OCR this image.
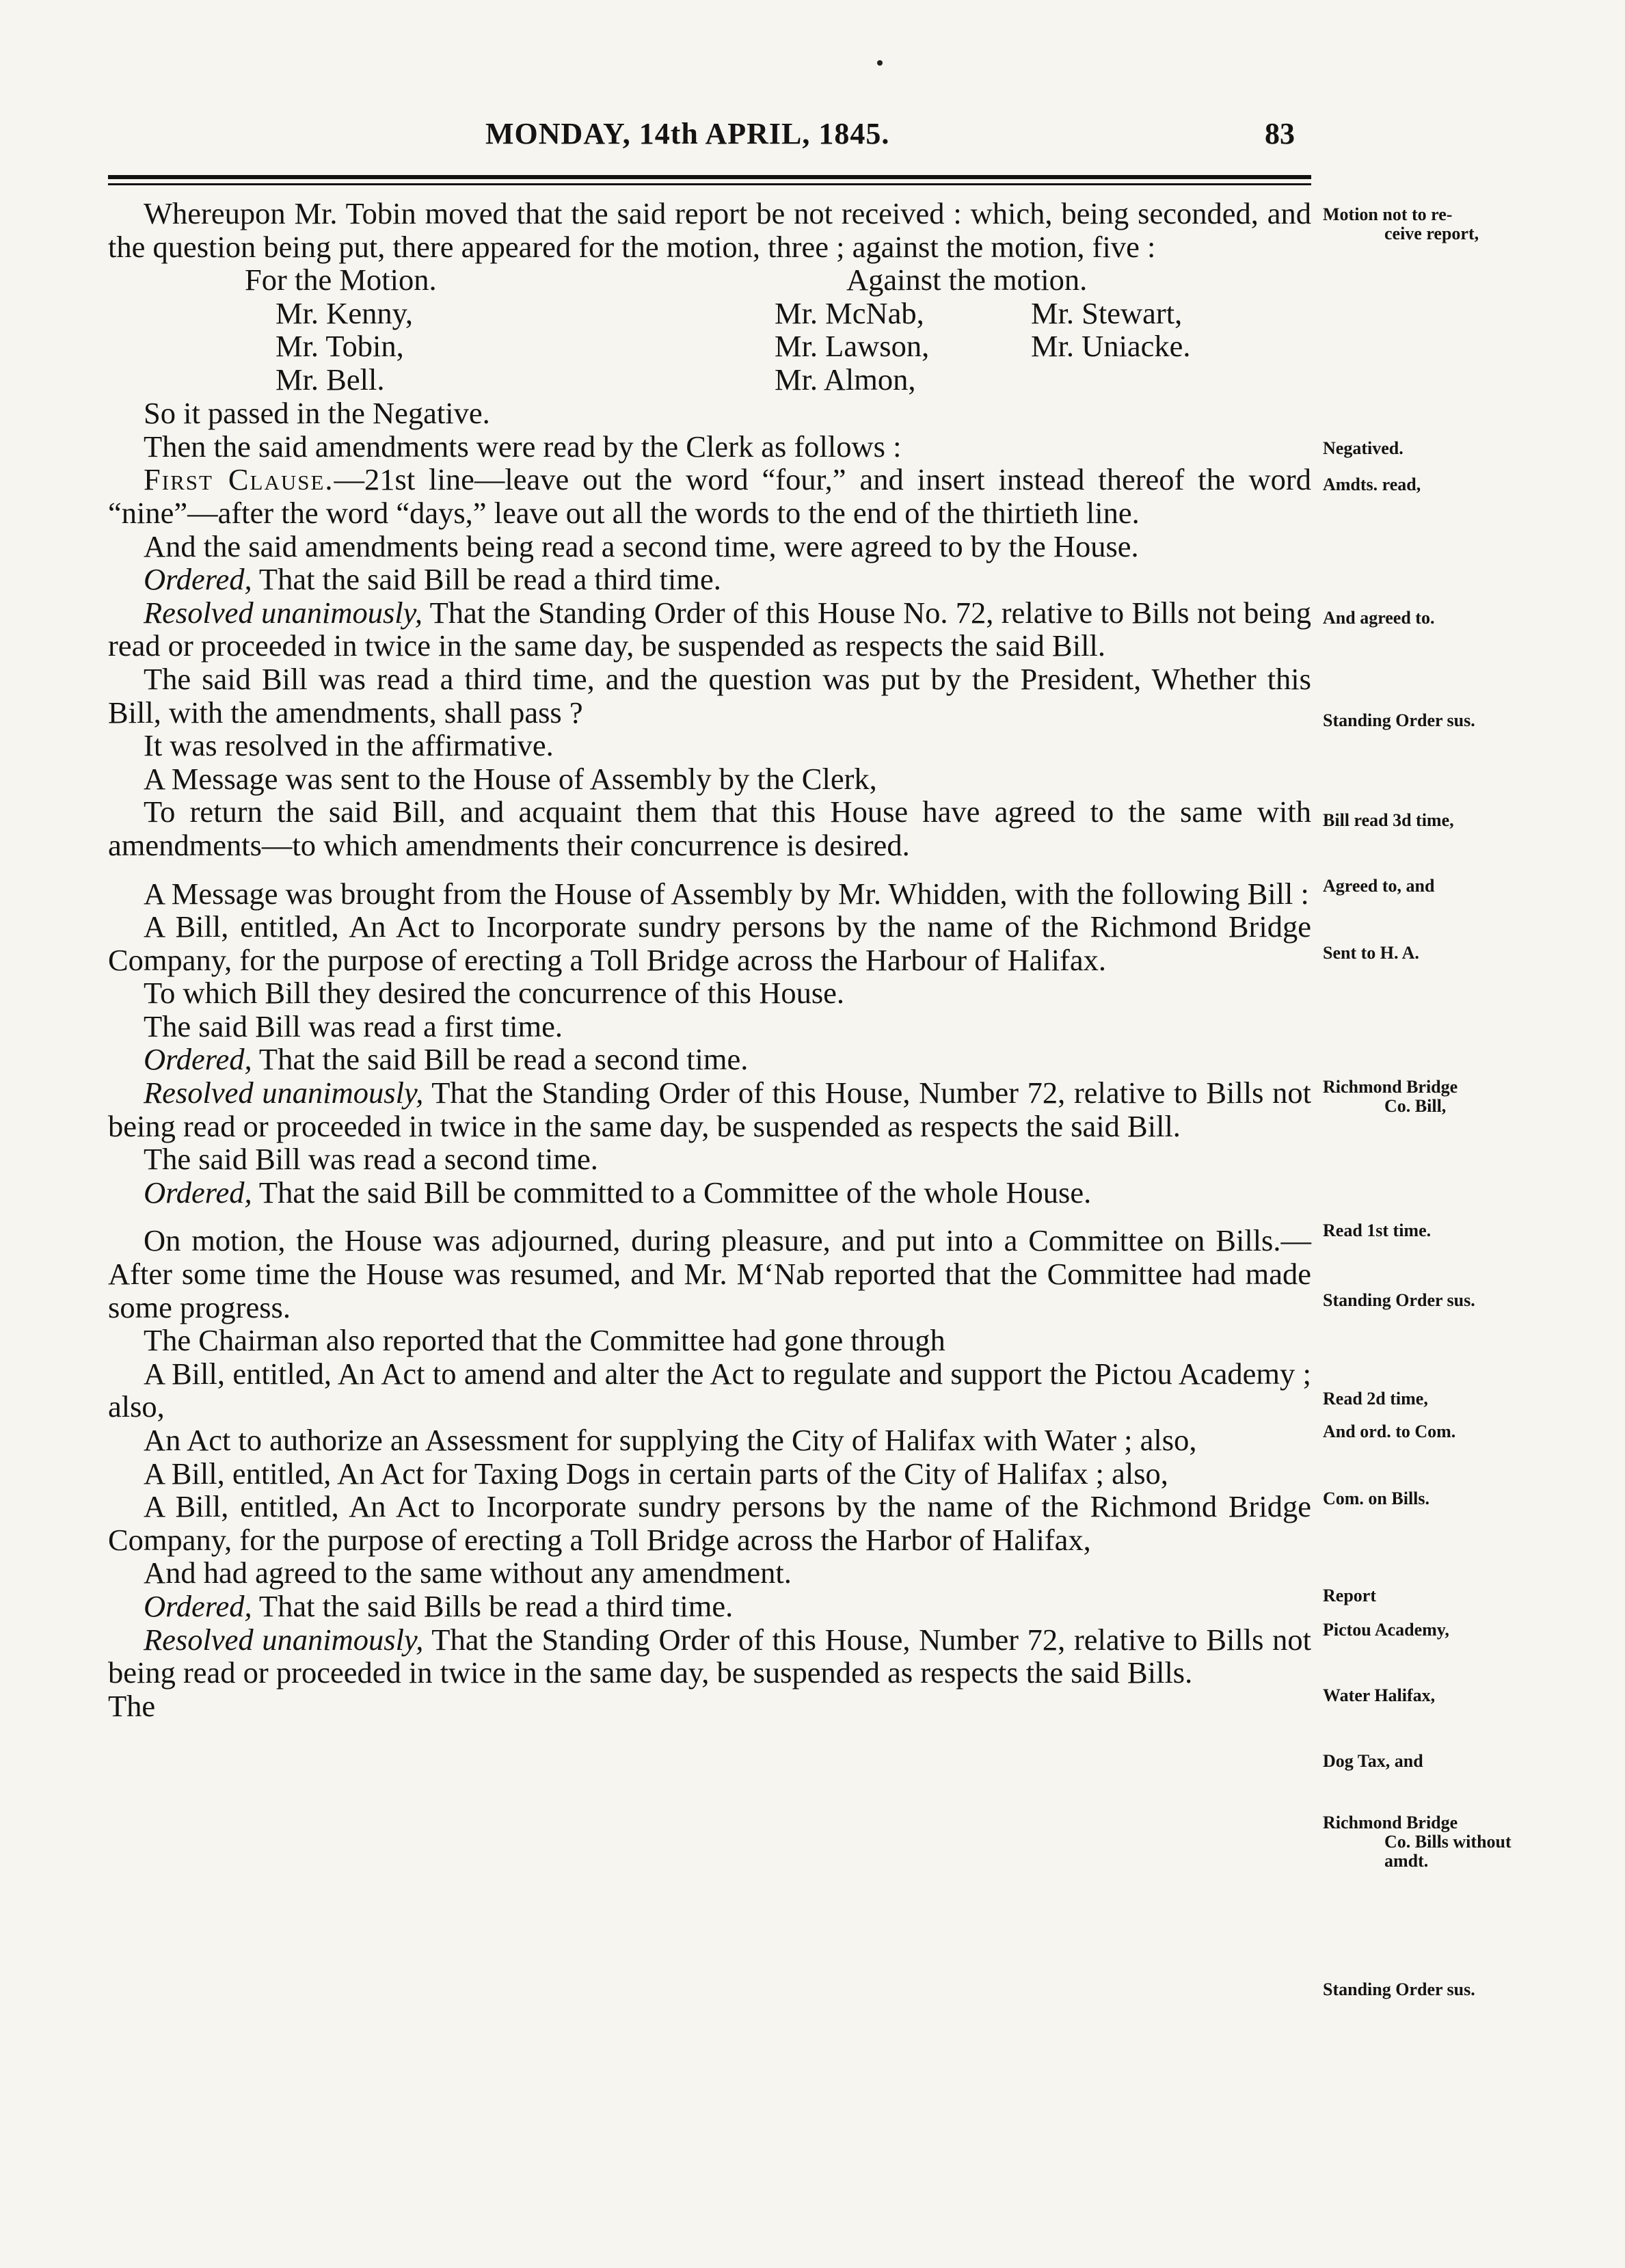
MONDAY, 14th APRIL, 1845.	83

Whereupon Mr. Tobin moved that the said report be not received : which, being seconded, and the question being put, there appeared for the motion, three ; against the motion, five :

For the Motion.	Against the motion.
Mr. Kenny,
Mr. Tobin,
Mr. Bell.
Mr. McNab,
Mr. Lawson,
Mr. Almon,
Mr. Stewart,
Mr. Uniacke.

So it passed in the Negative.

Then the said amendments were read by the Clerk as follows :

First Clause.—21st line—leave out the word “four,” and insert instead thereof the word “nine”—after the word “days,” leave out all the words to the end of the thirtieth line.

And the said amendments being read a second time, were agreed to by the House.

Ordered, That the said Bill be read a third time.

Resolved unanimously, That the Standing Order of this House No. 72, relative to Bills not being read or proceeded in twice in the same day, be suspended as respects the said Bill.

The said Bill was read a third time, and the question was put by the President, Whether this Bill, with the amendments, shall pass ?

It was resolved in the affirmative.

A Message was sent to the House of Assembly by the Clerk,

To return the said Bill, and acquaint them that this House have agreed to the same with amendments—to which amendments their concurrence is desired.

A Message was brought from the House of Assembly by Mr. Whidden, with the following Bill :

A Bill, entitled, An Act to Incorporate sundry persons by the name of the Richmond Bridge Company, for the purpose of erecting a Toll Bridge across the Harbour of Halifax.

To which Bill they desired the concurrence of this House.

The said Bill was read a first time.

Ordered, That the said Bill be read a second time.

Resolved unanimously, That the Standing Order of this House, Number 72, relative to Bills not being read or proceeded in twice in the same day, be suspended as respects the said Bill.

The said Bill was read a second time.

Ordered, That the said Bill be committed to a Committee of the whole House.

On motion, the House was adjourned, during pleasure, and put into a Committee on Bills.—After some time the House was resumed, and Mr. M‘Nab reported that the Committee had made some progress.

The Chairman also reported that the Committee had gone through

A Bill, entitled, An Act to amend and alter the Act to regulate and support the Pictou Academy ; also,

An Act to authorize an Assessment for supplying the City of Halifax with Water ; also,

A Bill, entitled, An Act for Taxing Dogs in certain parts of the City of Halifax ; also,

A Bill, entitled, An Act to Incorporate sundry persons by the name of the Richmond Bridge Company, for the purpose of erecting a Toll Bridge across the Harbor of Halifax,

And had agreed to the same without any amendment.

Ordered, That the said Bills be read a third time.

Resolved unanimously, That the Standing Order of this House, Number 72, relative to Bills not being read or proceeded in twice in the same day, be suspended as respects the said Bills.

The

Motion not to re-
ceive report,
Negatived.
Amdts. read,
And agreed to.
Standing Order sus.
Bill read 3d time,
Agreed to, and
Sent to H. A.
Richmond Bridge
Co. Bill,
Read 1st time.
Standing Order sus.
Read 2d time,
And ord. to Com.
Com. on Bills.
Report
Pictou Academy,
Water Halifax,
Dog Tax, and
Richmond Bridge
Co. Bills without
amdt.
Standing Order sus.
